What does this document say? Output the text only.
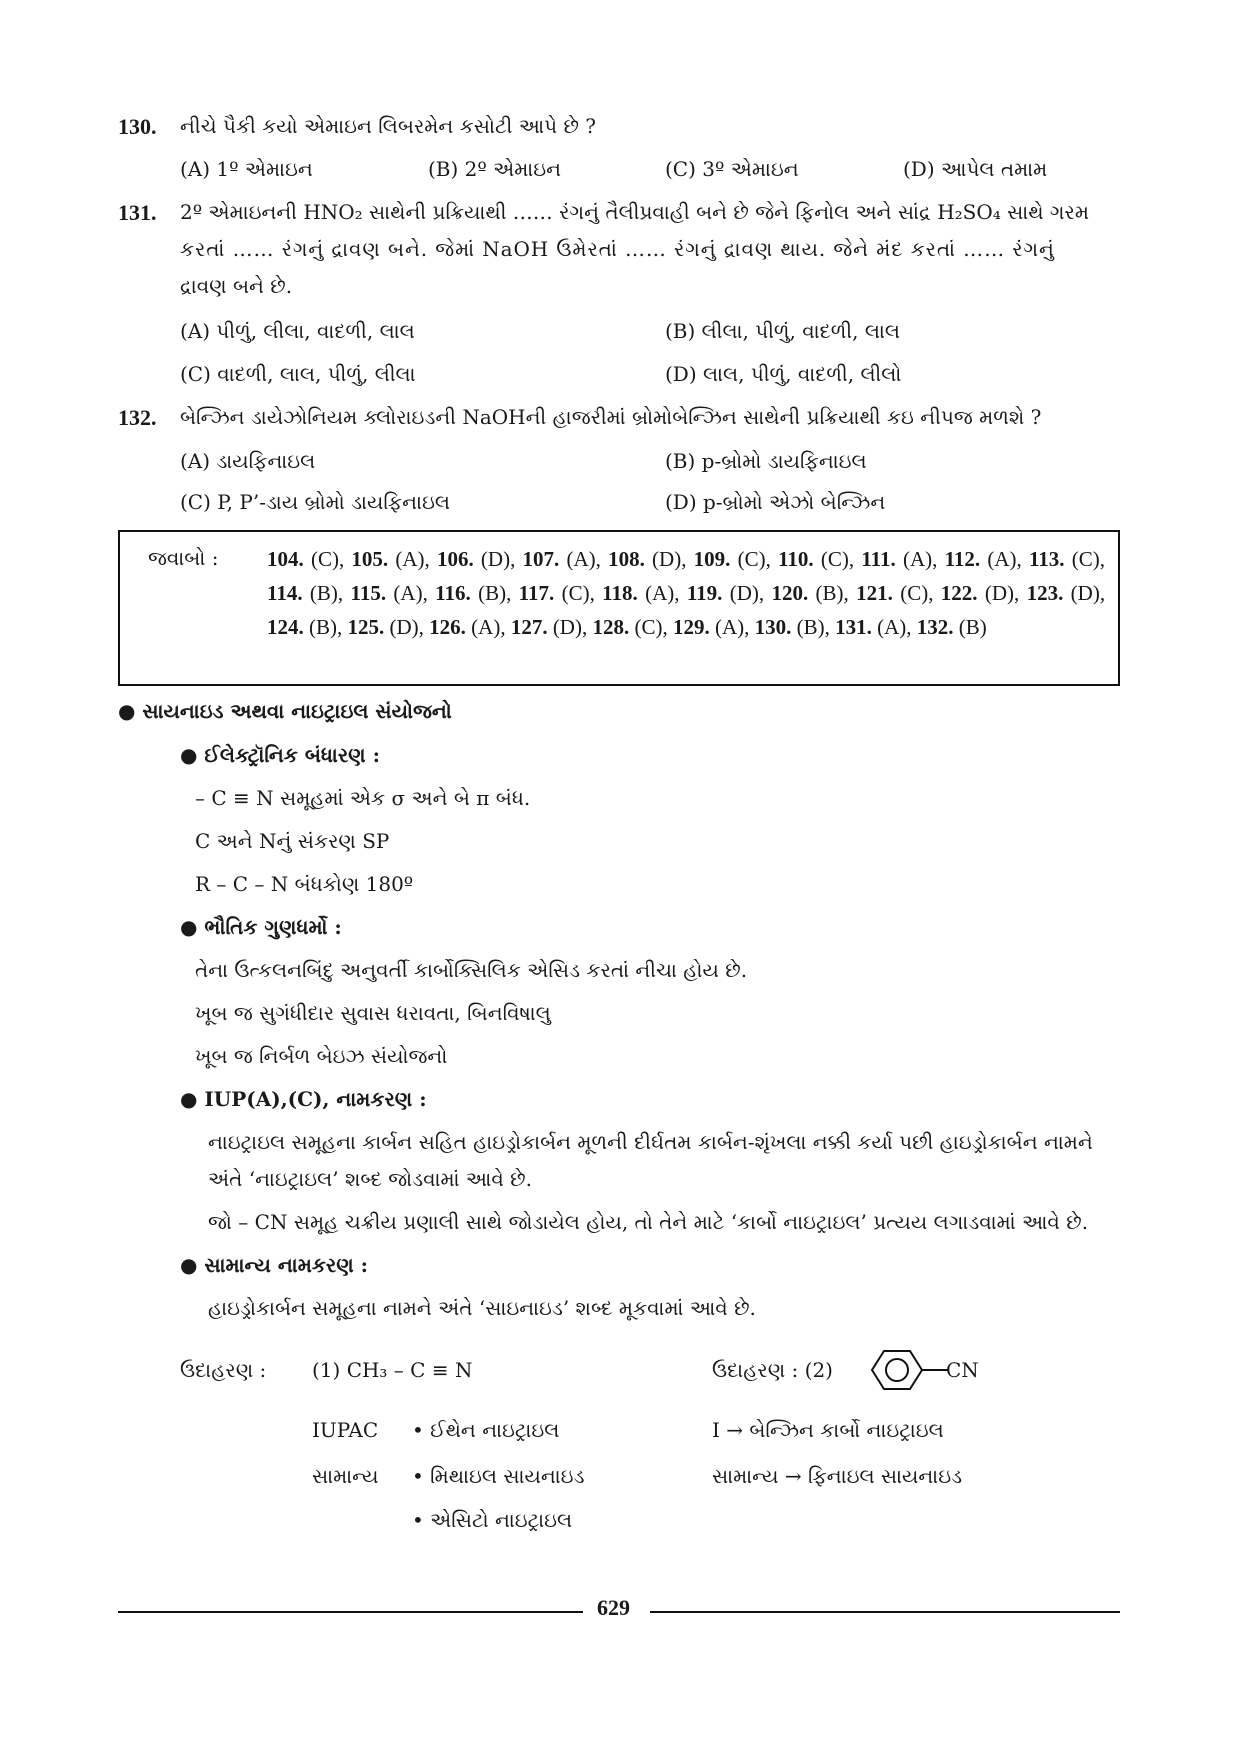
130. નીચે પૈકી કયો એમાઇન લિબરમેન કસોટી આપે છે ?
(A) 1º એમાઇન	(B) 2º એમાઇન	(C) 3º એમાઇન	(D) આપેલ તમામ
131. 2º એમાઇનની HNO₂ સાથેની પ્રક્રિયાથી …… રંગનું તૈલીપ્રવાહી બને છે જેને ફિનોલ અને સાંદ્ર H₂SO₄ સાથે ગરમ
કરતાં …… રંગનું દ્રાવણ બને. જેમાં NaOH ઉમેરતાં …… રંગનું દ્રાવણ થાય. જેને મંદ કરતાં …… રંગનું
દ્રાવણ બને છે.
(A) પીળું, લીલા, વાદળી, લાલ	(B) લીલા, પીળું, વાદળી, લાલ
(C) વાદળી, લાલ, પીળું, લીલા	(D) લાલ, પીળું, વાદળી, લીલો
132. બેન્ઝિન ડાયેઝોનિયમ ક્લોરાઇડની NaOHની હાજરીમાં બ્રોમોબેન્ઝિન સાથેની પ્રક્રિયાથી કઇ નીપજ મળશે ?
(A) ડાયફિનાઇલ	(B) p-બ્રોમો ડાયફિનાઇલ
(C) P, P’-ડાય બ્રોમો ડાયફિનાઇલ	(D) p-બ્રોમો એઝો બેન્ઝિન
જવાબો : 104. (C), 105. (A), 106. (D), 107. (A), 108. (D), 109. (C), 110. (C), 111. (A), 112. (A), 113. (C), 114. (B), 115. (A), 116. (B), 117. (C), 118. (A), 119. (D), 120. (B), 121. (C), 122. (D), 123. (D), 124. (B), 125. (D), 126. (A), 127. (D), 128. (C), 129. (A), 130. (B), 131. (A), 132. (B)
● સાયનાઇડ અથવા નાઇટ્રાઇલ સંયોજનો
● ઈલેક્ટ્રૉનિક બંધારણ :
– C ≡ N સમૂહમાં એક σ અને બે π બંધ.
C અને Nનું સંકરણ SP
R – C – N બંધકોણ 180º
● ભૌતિક ગુણધર્મો :
તેના ઉત્કલનબિંદુ અનુવર્તી કાર્બોક્સિલિક એસિડ કરતાં નીચા હોય છે.
ખૂબ જ સુગંધીદાર સુવાસ ધરાવતા, બિનવિષાલુ
ખૂબ જ નિર્બળ બેઇઝ સંયોજનો
● IUP(A),(C), નામકરણ :
નાઇટ્રાઇલ સમૂહના કાર્બન સહિત હાઇડ્રોકાર્બન મૂળની દીર્ઘતમ કાર્બન-શૃંખલા નક્કી કર્યા પછી હાઇડ્રોકાર્બન નામને
અંતે ‘નાઇટ્રાઇલ’ શબ્દ જોડવામાં આવે છે.
જો – CN સમૂહ ચક્રીય પ્રણાલી સાથે જોડાયેલ હોય, તો તેને માટે ‘કાર્બો નાઇટ્રાઇલ’ પ્રત્યય લગાડવામાં આવે છે.
● સામાન્ય નામકરણ :
હાઇડ્રોકાર્બન સમૂહના નામને અંતે ‘સાઇનાઇડ’ શબ્દ મૂકવામાં આવે છે.
ઉદાહરણ : (1) CH₃ – C ≡ N	ઉદાહરણ : (2)	CN
IUPAC • ઈથેન નાઇટ્રાઇલ	I → બેન્ઝિન કાર્બો નાઇટ્રાઇલ
સામાન્ય • મિથાઇલ સાયનાઇડ	સામાન્ય → ફિનાઇલ સાયનાઇડ
• એસિટો નાઇટ્રાઇલ
629
